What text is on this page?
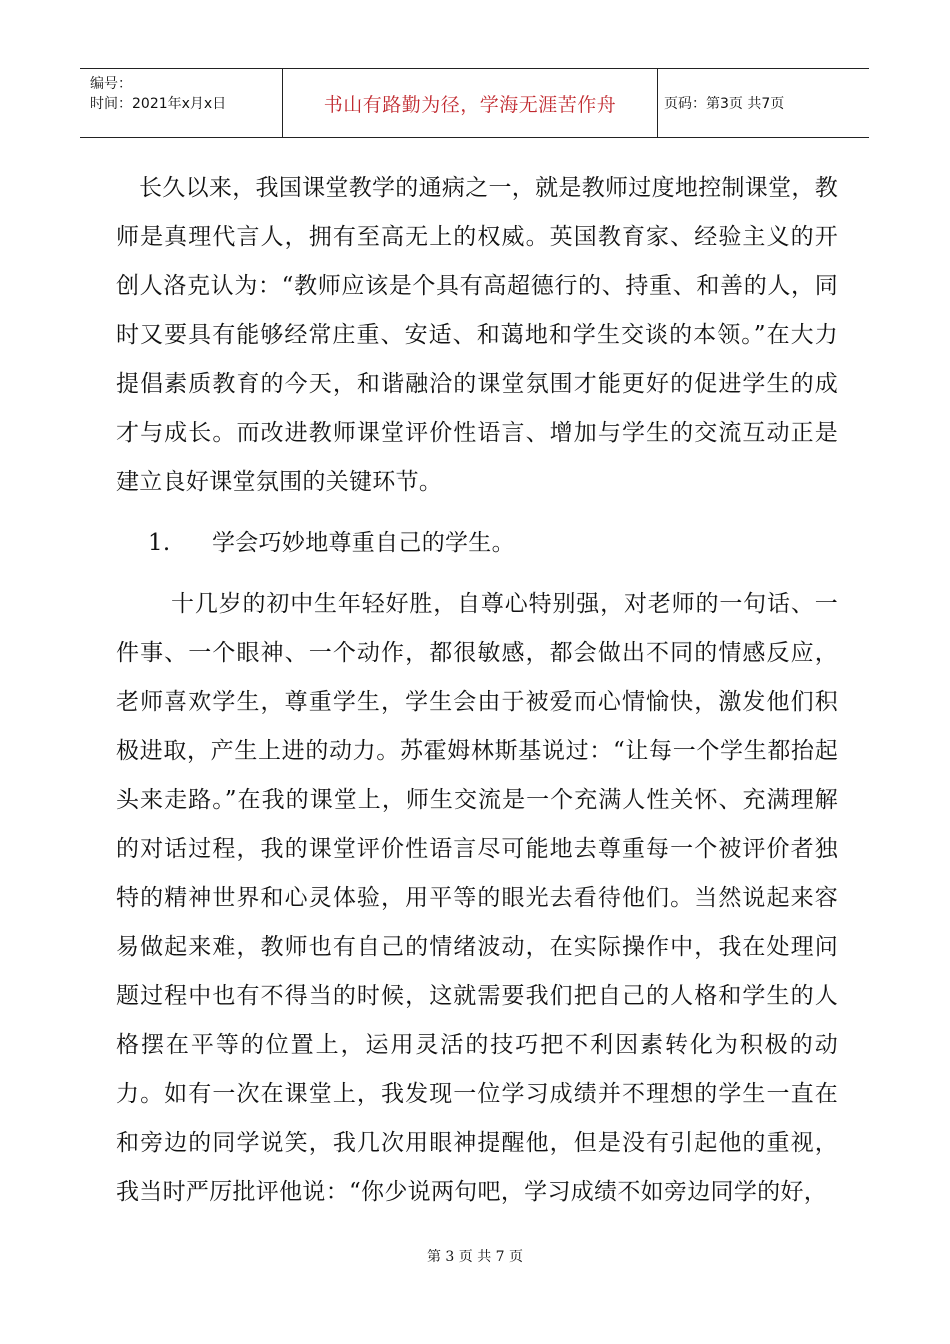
编号：
时间：2021年x月x日	书山有路勤为径，学海无涯苦作舟	页码：第3页 共7页

长久以来，我国课堂教学的通病之一，就是教师过度地控制课堂，教师是真理代言人，拥有至高无上的权威。英国教育家、经验主义的开创人洛克认为：“教师应该是个具有高超德行的、持重、和善的人，同时又要具有能够经常庄重、安适、和蔼地和学生交谈的本领。”在大力提倡素质教育的今天，和谐融洽的课堂氛围才能更好的促进学生的成才与成长。而改进教师课堂评价性语言、增加与学生的交流互动正是建立良好课堂氛围的关键环节。

1.	学会巧妙地尊重自己的学生。

十几岁的初中生年轻好胜，自尊心特别强，对老师的一句话、一件事、一个眼神、一个动作，都很敏感，都会做出不同的情感反应，老师喜欢学生，尊重学生，学生会由于被爱而心情愉快，激发他们积极进取，产生上进的动力。苏霍姆林斯基说过：“让每一个学生都抬起头来走路。”在我的课堂上，师生交流是一个充满人性关怀、充满理解的对话过程，我的课堂评价性语言尽可能地去尊重每一个被评价者独特的精神世界和心灵体验，用平等的眼光去看待他们。当然说起来容易做起来难，教师也有自己的情绪波动，在实际操作中，我在处理问题过程中也有不得当的时候，这就需要我们把自己的人格和学生的人格摆在平等的位置上，运用灵活的技巧把不利因素转化为积极的动力。如有一次在课堂上，我发现一位学习成绩并不理想的学生一直在和旁边的同学说笑，我几次用眼神提醒他，但是没有引起他的重视，我当时严厉批评他说：“你少说两句吧，学习成绩不如旁边同学的好，

第 3 页 共 7 页
